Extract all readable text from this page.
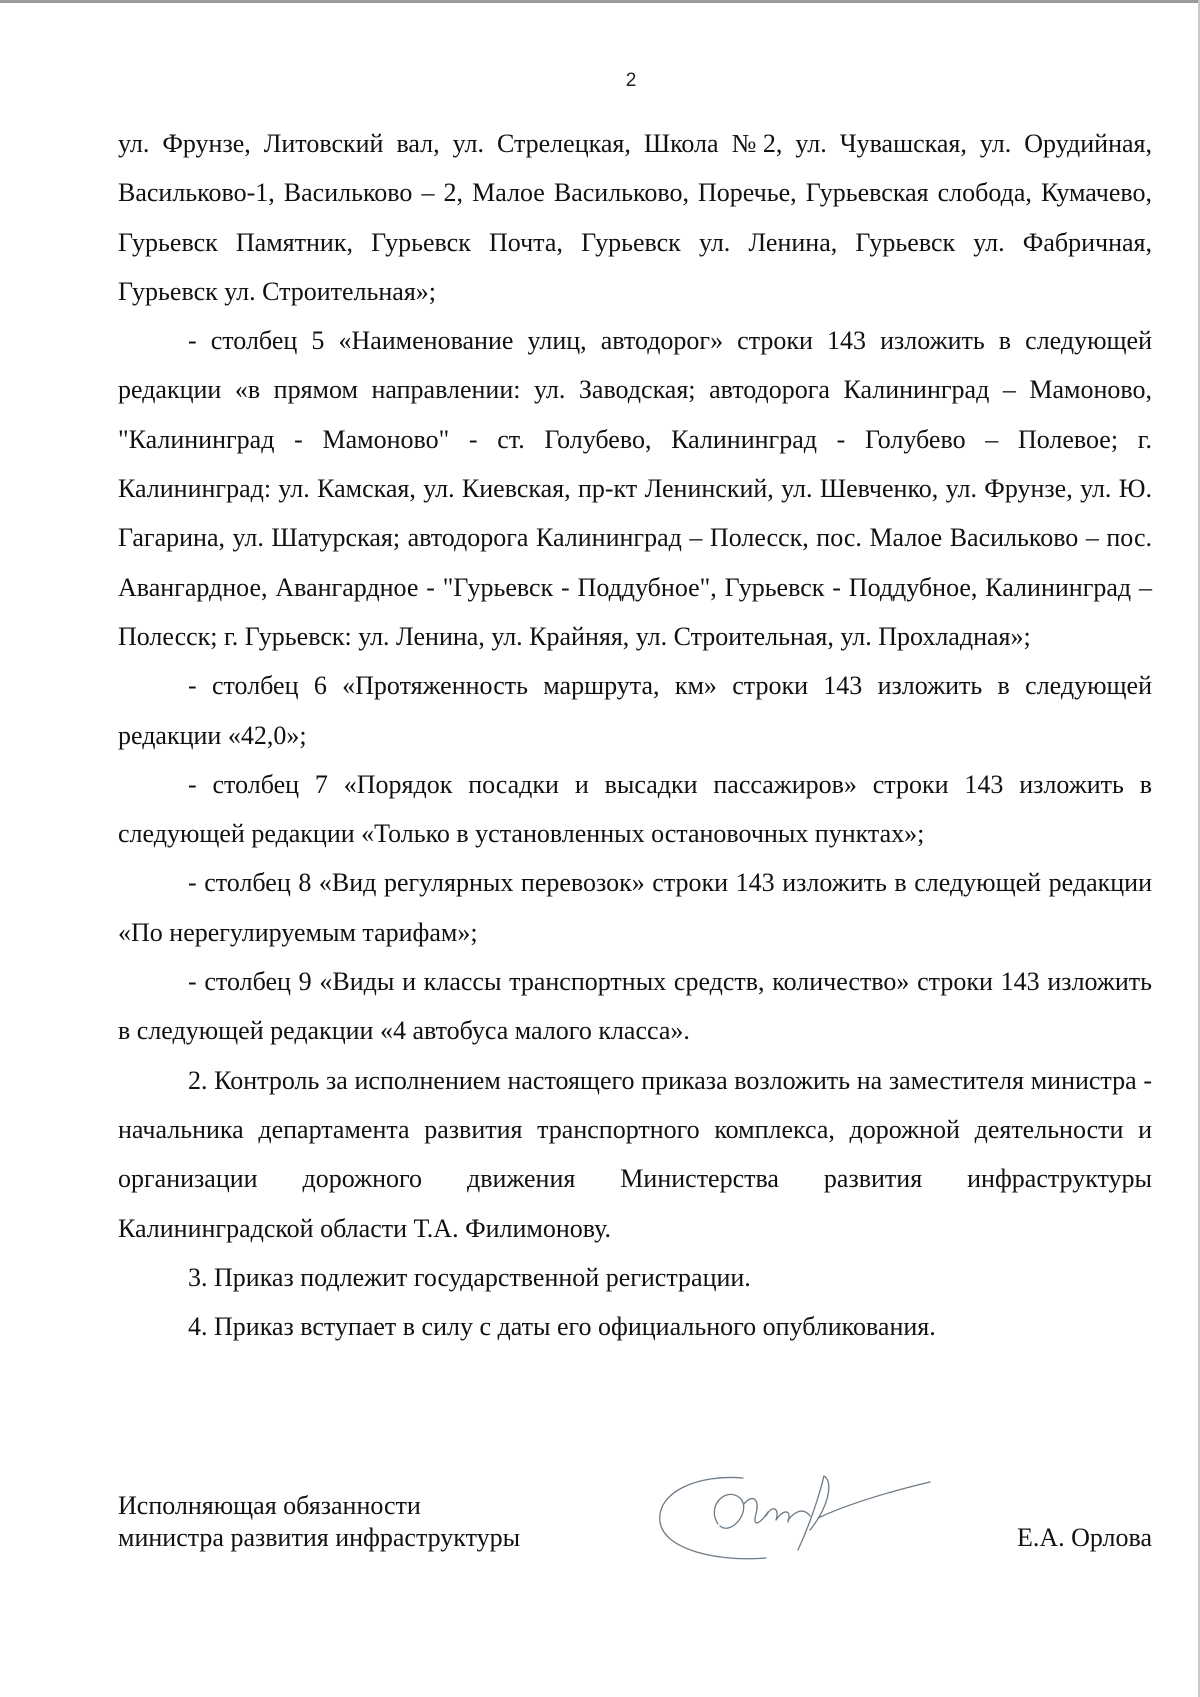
2

ул. Фрунзе, Литовский вал, ул. Стрелецкая, Школа №2, ул. Чувашская, ул. Орудийная, Васильково-1, Васильково – 2, Малое Васильково, Поречье, Гурьевская слобода, Кумачево, Гурьевск Памятник, Гурьевск Почта, Гурьевск ул. Ленина, Гурьевск ул. Фабричная, Гурьевск ул. Строительная»;

- столбец 5 «Наименование улиц, автодорог» строки 143 изложить в следующей редакции «в прямом направлении: ул. Заводская; автодорога Калининград – Мамоново, "Калининград - Мамоново" - ст. Голубево, Калининград - Голубево – Полевое; г. Калининград: ул. Камская, ул. Киевская, пр-кт Ленинский, ул. Шевченко, ул. Фрунзе, ул. Ю. Гагарина, ул. Шатурская; автодорога Калининград – Полесск, пос. Малое Васильково – пос. Авангардное, Авангардное - "Гурьевск - Поддубное", Гурьевск - Поддубное, Калининград – Полесск; г. Гурьевск: ул. Ленина, ул. Крайняя, ул. Строительная, ул. Прохладная»;

- столбец 6 «Протяженность маршрута, км» строки 143 изложить в следующей редакции «42,0»;

- столбец 7 «Порядок посадки и высадки пассажиров» строки 143 изложить в следующей редакции «Только в установленных остановочных пунктах»;

- столбец 8 «Вид регулярных перевозок» строки 143 изложить в следующей редакции «По нерегулируемым тарифам»;

- столбец 9 «Виды и классы транспортных средств, количество» строки 143 изложить в следующей редакции «4 автобуса малого класса».

2. Контроль за исполнением настоящего приказа возложить на заместителя министра - начальника департамента развития транспортного комплекса, дорожной деятельности и организации дорожного движения Министерства развития инфраструктуры Калининградской области Т.А. Филимонову.

3. Приказ подлежит государственной регистрации.

4. Приказ вступает в силу с даты его официального опубликования.

Исполняющая обязанности
министра развития инфраструктуры	Е.А. Орлова
